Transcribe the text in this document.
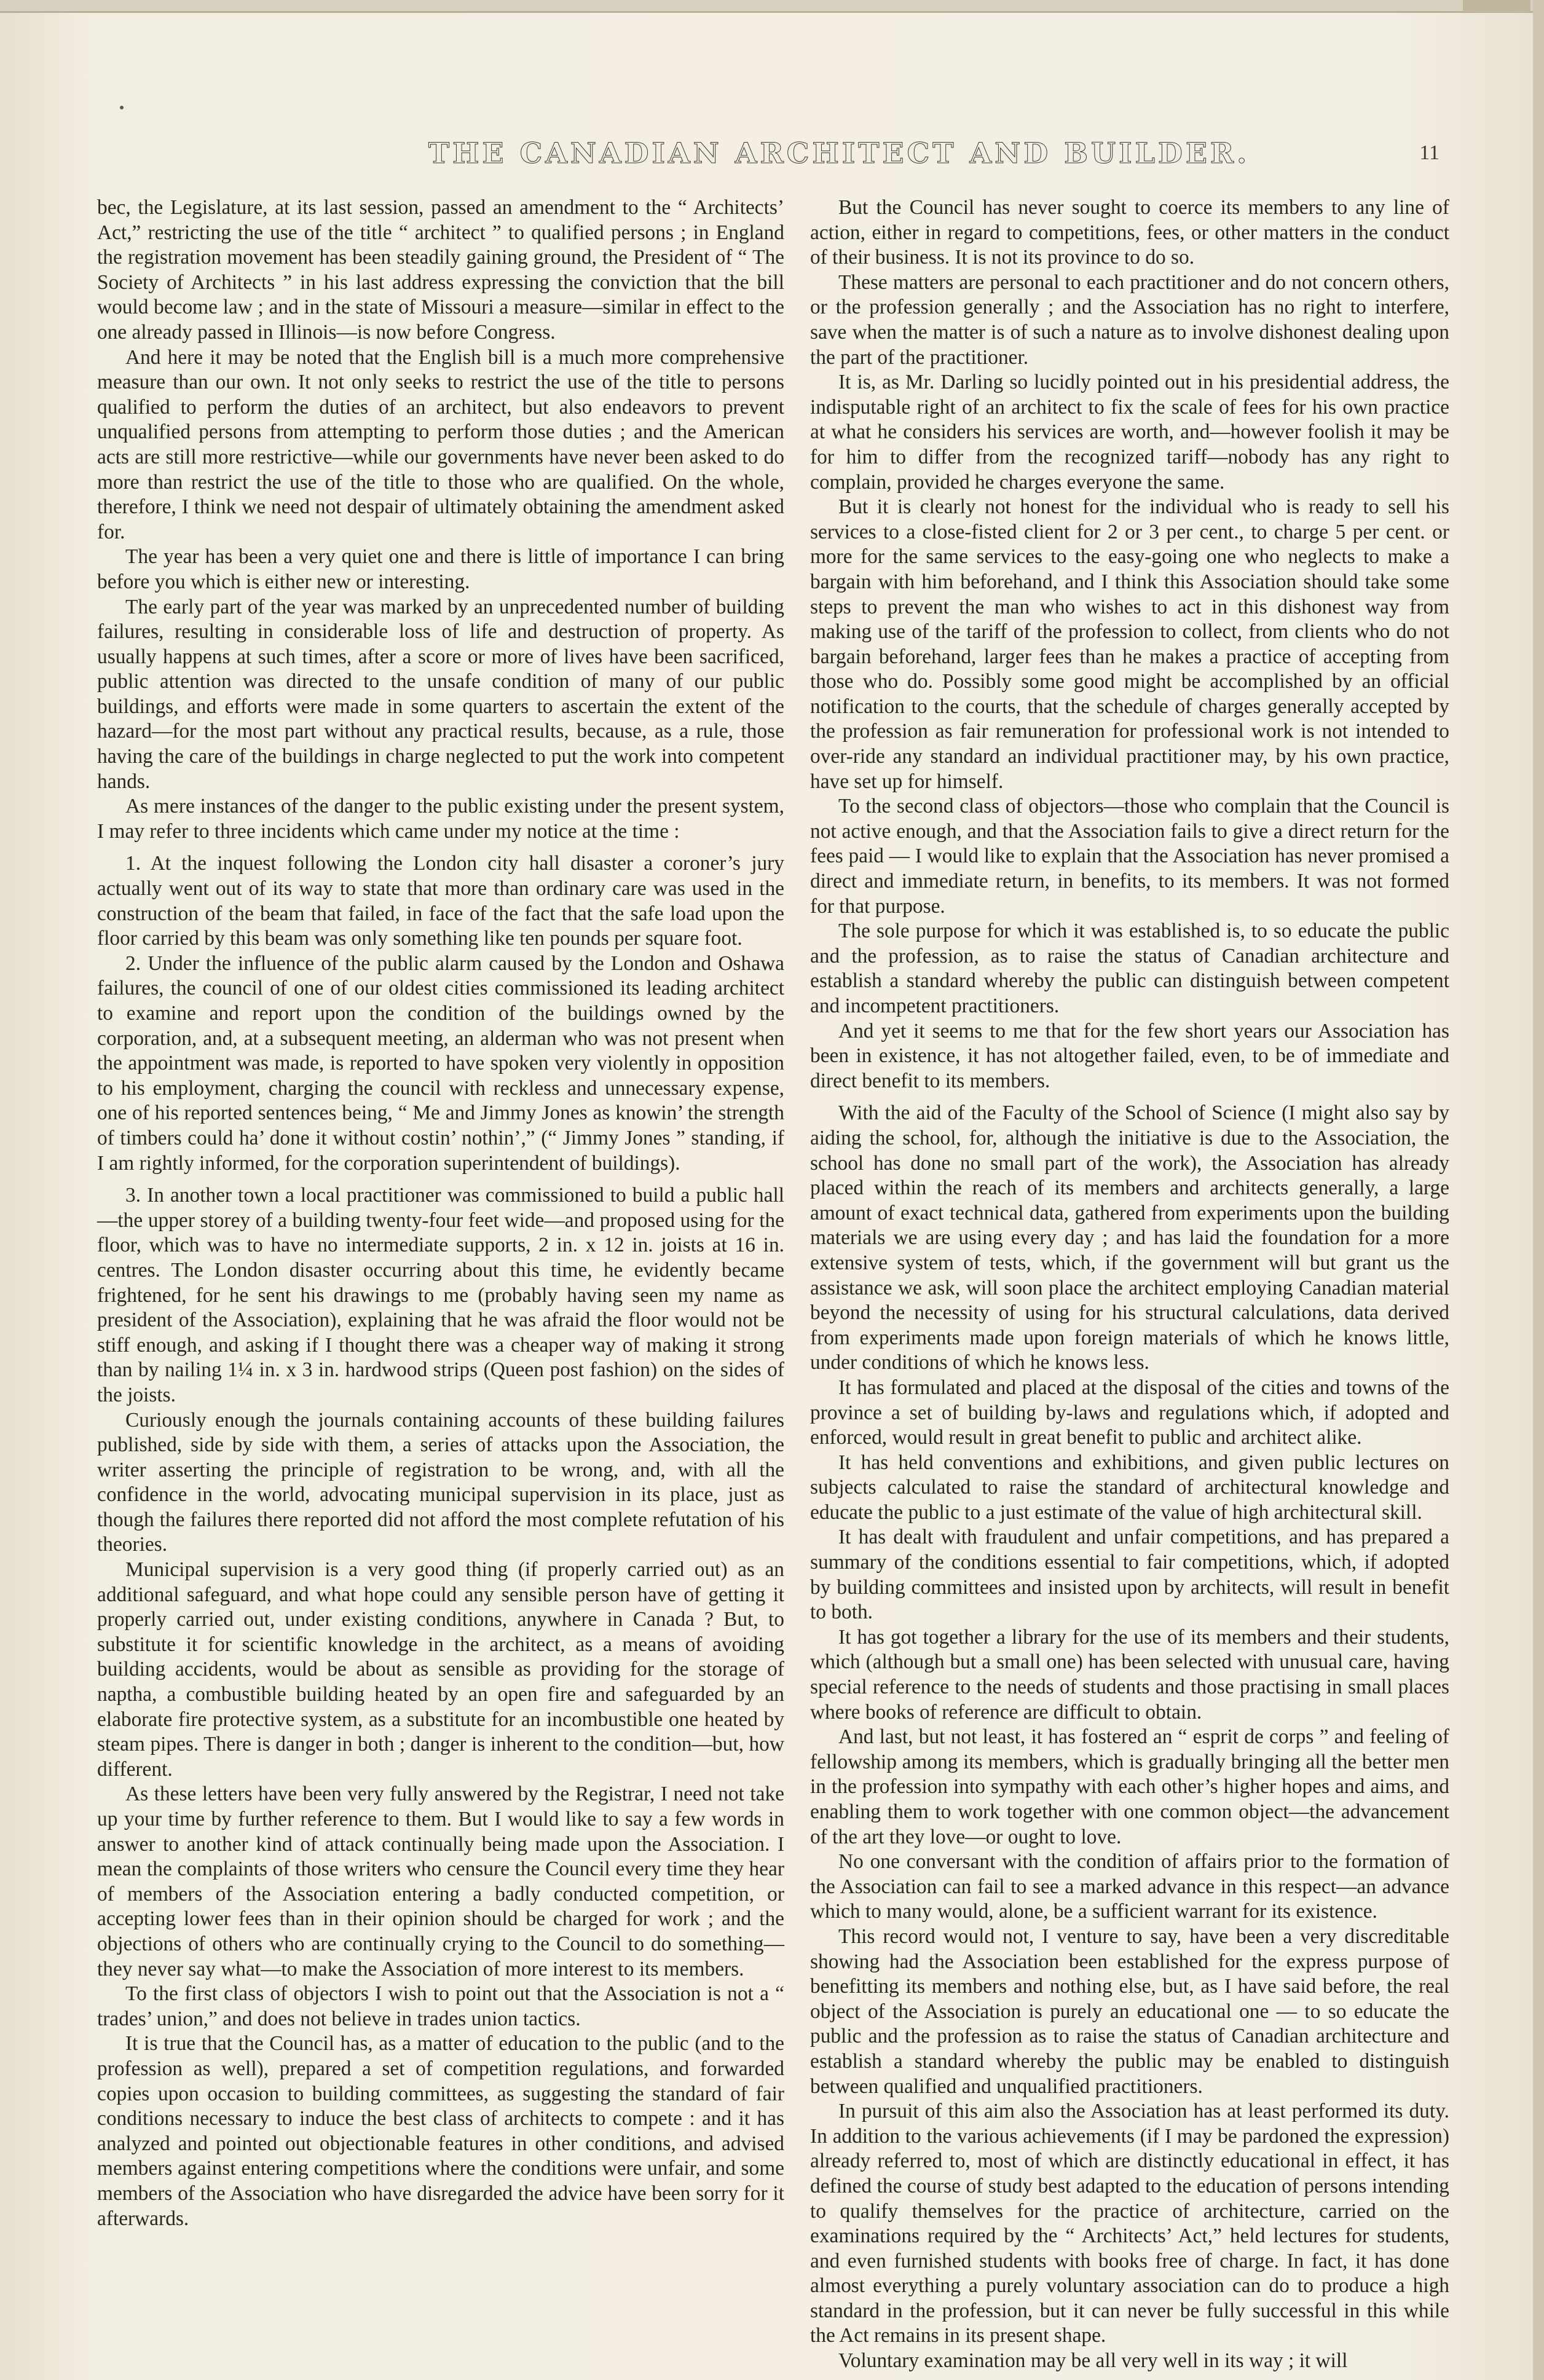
THE CANADIAN ARCHITECT AND BUILDER.	11

bec, the Legislature, at its last session, passed an amendment to the “ Architects’ Act,” restricting the use of the title “ architect ” to qualified persons ; in England the registration movement has been steadily gaining ground, the President of “ The Society of Architects ” in his last address expressing the conviction that the bill would become law ; and in the state of Missouri a measure—similar in effect to the one already passed in Illinois—is now before Congress.

And here it may be noted that the English bill is a much more comprehensive measure than our own. It not only seeks to restrict the use of the title to persons qualified to perform the duties of an architect, but also endeavors to prevent unqualified persons from attempting to perform those duties ; and the American acts are still more restrictive—while our governments have never been asked to do more than restrict the use of the title to those who are qualified. On the whole, therefore, I think we need not despair of ultimately obtaining the amendment asked for.

The year has been a very quiet one and there is little of importance I can bring before you which is either new or interesting.

The early part of the year was marked by an unprecedented number of building failures, resulting in considerable loss of life and destruction of property. As usually happens at such times, after a score or more of lives have been sacrificed, public attention was directed to the unsafe condition of many of our public buildings, and efforts were made in some quarters to ascertain the extent of the hazard—for the most part without any practical results, because, as a rule, those having the care of the buildings in charge neglected to put the work into competent hands.

As mere instances of the danger to the public existing under the present system, I may refer to three incidents which came under my notice at the time :

1. At the inquest following the London city hall disaster a coroner’s jury actually went out of its way to state that more than ordinary care was used in the construction of the beam that failed, in face of the fact that the safe load upon the floor carried by this beam was only something like ten pounds per square foot.

2. Under the influence of the public alarm caused by the London and Oshawa failures, the council of one of our oldest cities commissioned its leading architect to examine and report upon the condition of the buildings owned by the corporation, and, at a subsequent meeting, an alderman who was not present when the appointment was made, is reported to have spoken very violently in opposition to his employment, charging the council with reckless and unnecessary expense, one of his reported sentences being, “ Me and Jimmy Jones as knowin’ the strength of timbers could ha’ done it without costin’ nothin’,” (“ Jimmy Jones ” standing, if I am rightly informed, for the corporation superintendent of buildings).

3. In another town a local practitioner was commissioned to build a public hall—the upper storey of a building twenty-four feet wide—and proposed using for the floor, which was to have no intermediate supports, 2 in. x 12 in. joists at 16 in. centres. The London disaster occurring about this time, he evidently became frightened, for he sent his drawings to me (probably having seen my name as president of the Association), explaining that he was afraid the floor would not be stiff enough, and asking if I thought there was a cheaper way of making it strong than by nailing 1¼ in. x 3 in. hardwood strips (Queen post fashion) on the sides of the joists.

Curiously enough the journals containing accounts of these building failures published, side by side with them, a series of attacks upon the Association, the writer asserting the principle of registration to be wrong, and, with all the confidence in the world, advocating municipal supervision in its place, just as though the failures there reported did not afford the most complete refutation of his theories.

Municipal supervision is a very good thing (if properly carried out) as an additional safeguard, and what hope could any sensible person have of getting it properly carried out, under existing conditions, anywhere in Canada ? But, to substitute it for scientific knowledge in the architect, as a means of avoiding building accidents, would be about as sensible as providing for the storage of naptha, a combustible building heated by an open fire and safeguarded by an elaborate fire protective system, as a substitute for an incombustible one heated by steam pipes. There is danger in both ; danger is inherent to the condition—but, how different.

As these letters have been very fully answered by the Registrar, I need not take up your time by further reference to them. But I would like to say a few words in answer to another kind of attack continually being made upon the Association. I mean the complaints of those writers who censure the Council every time they hear of members of the Association entering a badly conducted competition, or accepting lower fees than in their opinion should be charged for work ; and the objections of others who are continually crying to the Council to do something—they never say what—to make the Association of more interest to its members.

To the first class of objectors I wish to point out that the Association is not a “ trades’ union,” and does not believe in trades union tactics.

It is true that the Council has, as a matter of education to the public (and to the profession as well), prepared a set of competition regulations, and forwarded copies upon occasion to building committees, as suggesting the standard of fair conditions necessary to induce the best class of architects to compete : and it has analyzed and pointed out objectionable features in other conditions, and advised members against entering competitions where the conditions were unfair, and some members of the Association who have disregarded the advice have been sorry for it afterwards.

But the Council has never sought to coerce its members to any line of action, either in regard to competitions, fees, or other matters in the conduct of their business. It is not its province to do so.

These matters are personal to each practitioner and do not concern others, or the profession generally ; and the Association has no right to interfere, save when the matter is of such a nature as to involve dishonest dealing upon the part of the practitioner.

It is, as Mr. Darling so lucidly pointed out in his presidential address, the indisputable right of an architect to fix the scale of fees for his own practice at what he considers his services are worth, and—however foolish it may be for him to differ from the recognized tariff—nobody has any right to complain, provided he charges everyone the same.

But it is clearly not honest for the individual who is ready to sell his services to a close-fisted client for 2 or 3 per cent., to charge 5 per cent. or more for the same services to the easy-going one who neglects to make a bargain with him beforehand, and I think this Association should take some steps to prevent the man who wishes to act in this dishonest way from making use of the tariff of the profession to collect, from clients who do not bargain beforehand, larger fees than he makes a practice of accepting from those who do. Possibly some good might be accomplished by an official notification to the courts, that the schedule of charges generally accepted by the profession as fair remuneration for professional work is not intended to over-ride any standard an individual practitioner may, by his own practice, have set up for himself.

To the second class of objectors—those who complain that the Council is not active enough, and that the Association fails to give a direct return for the fees paid — I would like to explain that the Association has never promised a direct and immediate return, in benefits, to its members. It was not formed for that purpose.

The sole purpose for which it was established is, to so educate the public and the profession, as to raise the status of Canadian architecture and establish a standard whereby the public can distinguish between competent and incompetent practitioners.

And yet it seems to me that for the few short years our Association has been in existence, it has not altogether failed, even, to be of immediate and direct benefit to its members.

With the aid of the Faculty of the School of Science (I might also say by aiding the school, for, although the initiative is due to the Association, the school has done no small part of the work), the Association has already placed within the reach of its members and architects generally, a large amount of exact technical data, gathered from experiments upon the building materials we are using every day ; and has laid the foundation for a more extensive system of tests, which, if the government will but grant us the assistance we ask, will soon place the architect employing Canadian material beyond the necessity of using for his structural calculations, data derived from experiments made upon foreign materials of which he knows little, under conditions of which he knows less.

It has formulated and placed at the disposal of the cities and towns of the province a set of building by-laws and regulations which, if adopted and enforced, would result in great benefit to public and architect alike.

It has held conventions and exhibitions, and given public lectures on subjects calculated to raise the standard of architectural knowledge and educate the public to a just estimate of the value of high architectural skill.

It has dealt with fraudulent and unfair competitions, and has prepared a summary of the conditions essential to fair competitions, which, if adopted by building committees and insisted upon by architects, will result in benefit to both.

It has got together a library for the use of its members and their students, which (although but a small one) has been selected with unusual care, having special reference to the needs of students and those practising in small places where books of reference are difficult to obtain.

And last, but not least, it has fostered an “ esprit de corps ” and feeling of fellowship among its members, which is gradually bringing all the better men in the profession into sympathy with each other’s higher hopes and aims, and enabling them to work together with one common object—the advancement of the art they love—or ought to love.

No one conversant with the condition of affairs prior to the formation of the Association can fail to see a marked advance in this respect—an advance which to many would, alone, be a sufficient warrant for its existence.

This record would not, I venture to say, have been a very discreditable showing had the Association been established for the express purpose of benefitting its members and nothing else, but, as I have said before, the real object of the Association is purely an educational one — to so educate the public and the profession as to raise the status of Canadian architecture and establish a standard whereby the public may be enabled to distinguish between qualified and unqualified practitioners.

In pursuit of this aim also the Association has at least performed its duty. In addition to the various achievements (if I may be pardoned the expression) already referred to, most of which are distinctly educational in effect, it has defined the course of study best adapted to the education of persons intending to qualify themselves for the practice of architecture, carried on the examinations required by the “ Architects’ Act,” held lectures for students, and even furnished students with books free of charge. In fact, it has done almost everything a purely voluntary association can do to produce a high standard in the profession, but it can never be fully successful in this while the Act remains in its present shape.

Voluntary examination may be all very well in its way ; it will
